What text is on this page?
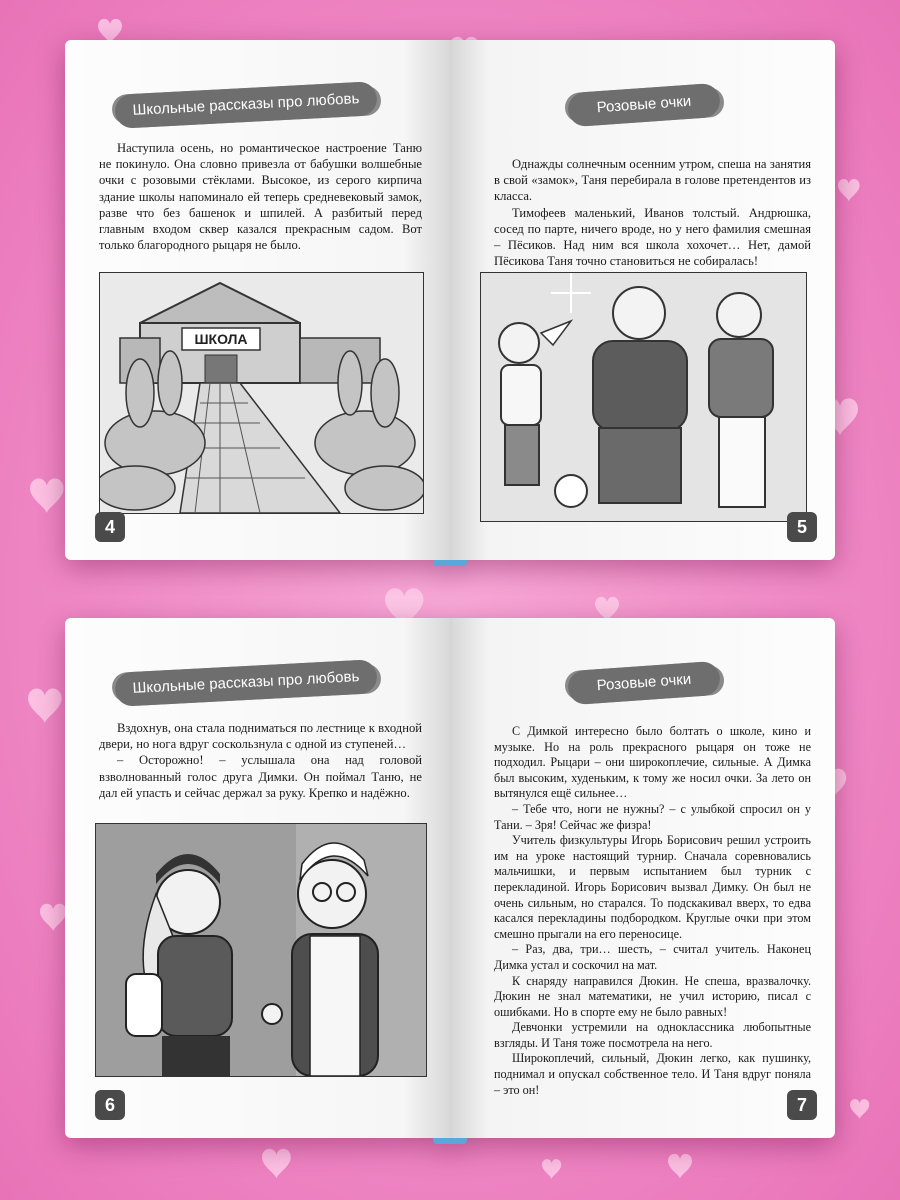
Школьные рассказы про любовь

Наступила осень, но романтическое настроение Таню не покинуло. Она словно привезла от бабушки волшебные очки с розовыми стёклами. Высокое, из серого кирпича здание школы напоминало ей теперь средневековый замок, разве что без башенок и шпилей. А разбитый перед главным входом сквер казался прекрасным садом. Вот только благородного рыцаря не было.

ШКОЛА
4
Розовые очки

Однажды солнечным осенним утром, спеша на занятия в свой «замок», Таня перебирала в голове претендентов из класса.

Тимофеев маленький, Иванов толстый. Андрюшка, сосед по парте, ничего вроде, но у него фамилия смешная – Пёсиков. Над ним вся школа хохочет… Нет, дамой Пёсикова Таня точно становиться не собиралась!

5
Школьные рассказы про любовь

Вздохнув, она стала подниматься по лестнице к входной двери, но нога вдруг соскользнула с одной из ступеней…

– Осторожно! – услышала она над головой взволнованный голос друга Димки. Он поймал Таню, не дал ей упасть и сейчас держал за руку. Крепко и надёжно.

6
Розовые очки

С Димкой интересно было болтать о школе, кино и музыке. Но на роль прекрасного рыцаря он тоже не подходил. Рыцари – они широкоплечие, сильные. А Димка был высоким, худеньким, к тому же носил очки. За лето он вытянулся ещё сильнее…

– Тебе что, ноги не нужны? – с улыбкой спросил он у Тани. – Зря! Сейчас же физра!

Учитель физкультуры Игорь Борисович решил устроить им на уроке настоящий турнир. Сначала соревновались мальчишки, и первым испытанием был турник с перекладиной. Игорь Борисович вызвал Димку. Он был не очень сильным, но старался. То подскакивал вверх, то едва касался перекладины подбородком. Круглые очки при этом смешно прыгали на его переносице.

– Раз, два, три… шесть, – считал учитель. Наконец Димка устал и соскочил на мат.

К снаряду направился Дюкин. Не спеша, вразвалочку. Дюкин не знал математики, не учил историю, писал с ошибками. Но в спорте ему не было равных!

Девчонки устремили на одноклассника любопытные взгляды. И Таня тоже посмотрела на него.

Широкоплечий, сильный, Дюкин легко, как пушинку, поднимал и опускал собственное тело. И Таня вдруг поняла – это он!

7
